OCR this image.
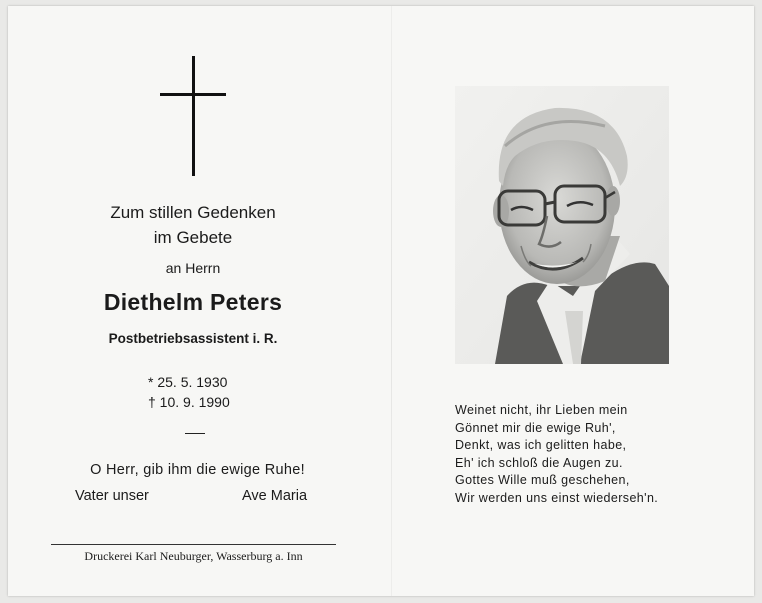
Zum stillen Gedenken
im Gebete
an Herrn
Diethelm Peters
Postbetriebsassistent i. R.
* 25. 5. 1930
† 10. 9. 1990
O Herr, gib ihm die ewige Ruhe!
Vater unser	Ave Maria
Druckerei Karl Neuburger, Wasserburg a. Inn
Weinet nicht, ihr Lieben mein
Gönnet mir die ewige Ruh',
Denkt, was ich gelitten habe,
Eh' ich schloß die Augen zu.
Gottes Wille muß geschehen,
Wir werden uns einst wiederseh'n.
